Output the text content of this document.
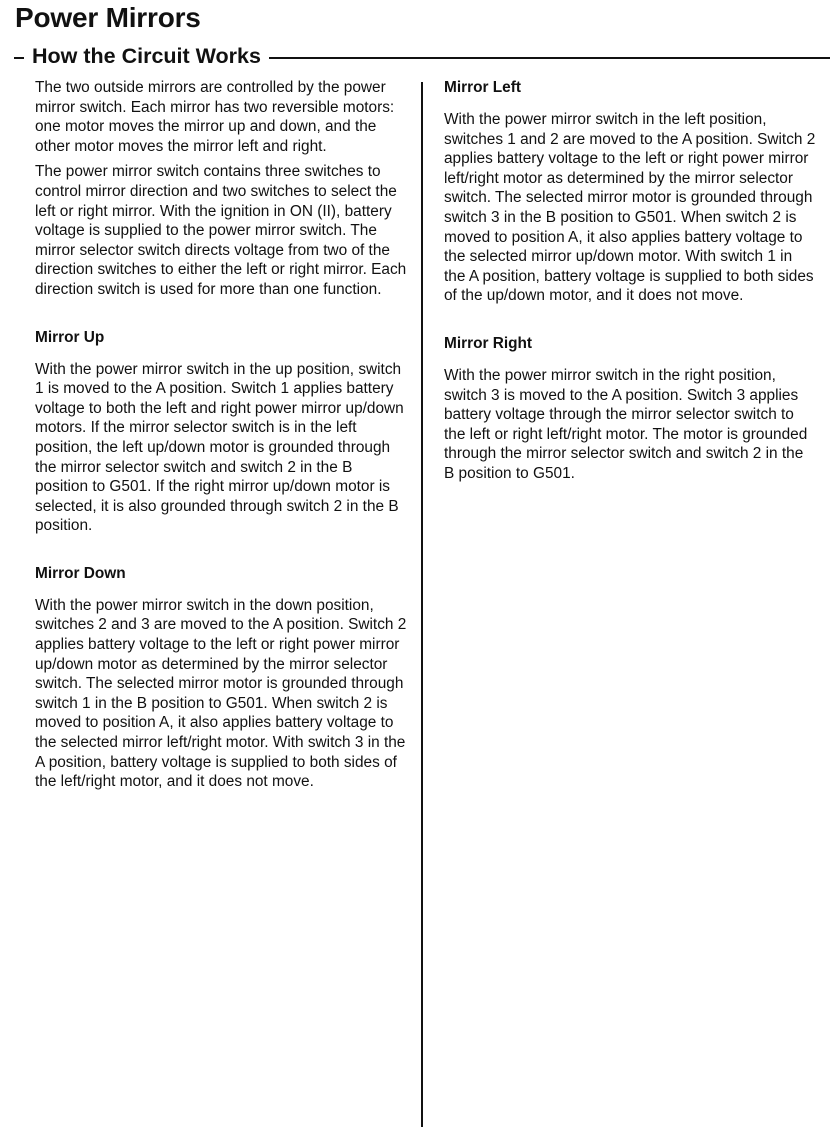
Power Mirrors
How the Circuit Works

The two outside mirrors are controlled by the power mirror switch. Each mirror has two reversible motors: one motor moves the mirror up and down, and the other motor moves the mirror left and right.

The power mirror switch contains three switches to control mirror direction and two switches to select the left or right mirror. With the ignition in ON (II), battery voltage is supplied to the power mirror switch. The mirror selector switch directs voltage from two of the direction switches to either the left or right mirror. Each direction switch is used for more than one function.

Mirror Up

With the power mirror switch in the up position, switch 1 is moved to the A position. Switch 1 applies battery voltage to both the left and right power mirror up/down motors. If the mirror selector switch is in the left position, the left up/down motor is grounded through the mirror selector switch and switch 2 in the B position to G501. If the right mirror up/down motor is selected, it is also grounded through switch 2 in the B position.

Mirror Down

With the power mirror switch in the down position, switches 2 and 3 are moved to the A position. Switch 2 applies battery voltage to the left or right power mirror up/down motor as determined by the mirror selector switch. The selected mirror motor is grounded through switch 1 in the B position to G501. When switch 2 is moved to position A, it also applies battery voltage to the selected mirror left/right motor. With switch 3 in the A position, battery voltage is supplied to both sides of the left/right motor, and it does not move.

Mirror Left

With the power mirror switch in the left position, switches 1 and 2 are moved to the A position. Switch 2 applies battery voltage to the left or right power mirror left/right motor as determined by the mirror selector switch. The selected mirror motor is grounded through switch 3 in the B position to G501. When switch 2 is moved to position A, it also applies battery voltage to the selected mirror up/down motor. With switch 1 in the A position, battery voltage is supplied to both sides of the up/down motor, and it does not move.

Mirror Right

With the power mirror switch in the right position, switch 3 is moved to the A position. Switch 3 applies battery voltage through the mirror selector switch to the left or right left/right motor. The motor is grounded through the mirror selector switch and switch 2 in the B position to G501.
